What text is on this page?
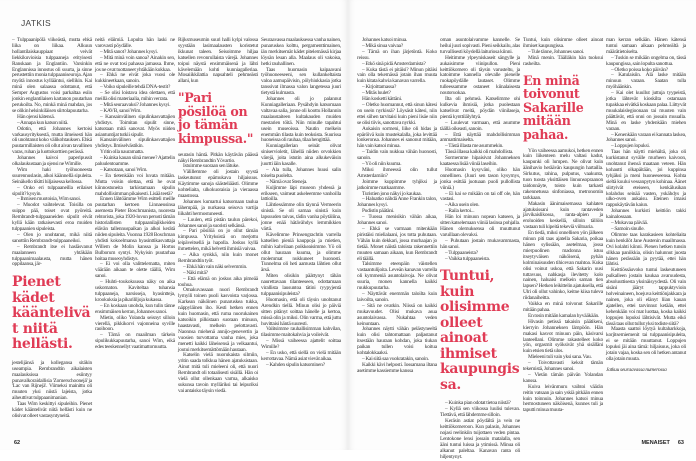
JATKIS

– Tulppaanipölä viikeästä, mutta ehkä liika on liikaa. Alkuun hollantilaiskauppiaat veivät liekkikuvioisia tulppaaneja erityisesti Ranskaan ja Englantiin. Varsinkin Englannissa innostus oli suurta, ja sinne perustettiin monia tulppaaniseuroja. Ajan myötä innostus kyllääntui, siellikin. Kai minä olen salaassa odottanut, että Semper Augustus voisi parkaltaa esiin jonkin englantilaisen kartanon puutarhan perukoilta. No, minkä minä mahdan, jos se olikin helsinkiläisen siirtolapuutarha.

Hän ojensi kätensä.

– Annapa kun katson niitä.

Odotin, että Johannes kertoisi varkausyrityksestä, mutta ilmeisesti hän oli unohtanut koko välikohtauksen. Ehkä puutarmillaisten oli ollut aivan tavallinen varas, ruhan ja luottokorttien perässä.

Johannes kaivoi paperipussit olkalaukustaan ja ojensi ne Wimille.

Wim haki työhuoneesta suurennuslasin, alkoi käännellä sipuleita. Seinäkello tikitti hiljaisessa kellossa.

– Onko eri tulppaaneilla erilaiset sipulit? kysyin.

– Ihmisen muotoisia, Wim sanoi.

– Muodot vaihtelevat. Toisilla on suippo pää, toiset ovat pyöreitä. Rembrandt-tulppaaneiden sipulit eivät kyllä kään ratkaisevasti eroa muiden tulppaanien sipuleista.

– Olen jo unohtanut, mikä niitä sanottiin Rembrandt-tulppaaneiksi.

– Rembrandt itse ei hasläsvanut maalanneen yhtäkään tulppaanimaalausta, mutta hänen oppilaansa, jär-

Pienet kädet kääntelivät niitä hellästi.

jestelijänsä ja kollegansa sitäkin useampia. Rembrandtin aikalaisten maalauksissa esiintyy punavalkoraidallisia 'Zomerschoonejä' ja 'Lac van Rijnejä'. Viimeksi mainittu oli muuten yksi niistä lajeista, jotka aiheuttivat tulppaanimanian.

Taas Wim keskittyi sipuleihin. Pienet kädet kääntelivät niitä hellästi kuin ne olisivat olleet vastasyntyneitä.

neitä eläimiä. Lopulta hän laski ne varovasti pöydälle.

– Mitä sanot? Johannes kysyi.

– Mitä minä voin sanoa? Ainakin sen, että ne ovat tosi pahassa jamassa. Ihme, jos ne ovat tuottaneet yhtäkään kukkaa.

– Ehkä ne eivät joka vuosi ole kukkineetkaan, sanoin.

– Voiko sipuleille tehdä DNA-testit?

– Se olisi loistava idea olettaen, että meillä olisi materiaalia, mihin verrata.

– Mitä seuraavaksi? Johannes kysyi.

– KAVB, sanoi Wim.

– Kansainvälinen sipulinkasvattajien yhdistys. Toimitan sipulit sinne, katsotaan mitä sanovat. Myös niiden asiantuntijat tutkii sipulit.

Kansainvälinen sipulinkasvattajien yhdistys. Ilmiselvästikin.

Yritin olla nauramatta.

– Kuinka kauan siinä menee? Ajattelin paluulentoamme.

– Katsotaan, sanoi Wim.

– En tietenkään voi luvata mitään. Mutta voisin olettaa, että he ovat kiinnostuneita tarkistamaan sipulin mahdollisimman pikaisesti. Lisää teetä?

Ennen lähtöämme Wim esitteli meille puutarhan kertoen Linnaeusinsa asemesta Pieter Boschmanista, nuoresta rehtorista, joka 1920-luvun perusti tämän historiallisten tulppaanilajikkeiden elävän tallennuspaikan ja alkoi kerätä niiden sipuleita. Vuonna 1928 Boschman yhdisti kokoelmansa hyasinttikasvattaja Willem de Molin kanssa ja Hortus Bulborum syntyi. Nykyisin puutarhaa hoitaa museoyhdistys.

– Ei voi olla valittelematta, miten väärään aikaan te olette täällä, Wim sanoi.

– Huhti–toukokuussa näky on aika uskomaton. Kaviteltaa tuhansia tulppaaneja, narsisseja, hyasintteja, krookuksia ja pikarililjoja kukassa.

– En koskaan unohda, kun tulin tänne ensimmäisen kerran, Johannes sanoi.

Mietin, oliko Yolanda seisnyt silloin vierellä, pikkikorvi vajonneina syville raoihoon.

– Tämä on maailman tärkein sipulikukkapuutarha, sanoi Wim, eikä edes teeskennellyt vaatimattomuutta.

Rijksmuseumin suuri halli kylpi valossa syystään lasimaalausten koristetut ikkunat taleen. Seisoimme hiljaa katsellen revonrullaista värejä. Johannes toipui näystä ensimmäisenä ja lähti kävelemään kohti kunniagalleriaa. Mosaiikkilattia napsahteli pehmeästi allani, kun

"Pari pösilöä on jo tämän kimpussa."

seurasin häntä. Pitkän käytävän päässä näkyi Rembrandtin Yövartio.

Istuimme suoraan sen lätuke.

Välillemme oli jostain syystä laskeutunut epämukava hiljaisuus. Käytimme sanoja säästeliäästi. Olimme kohteliaita, ulkokuoraisia ja vieraassa maastossa.

Johannes kumartui katsomaan taulua lähempää, ja nurkassa seisova vartija liikahti hermostuneesti.

– Luulen, että pistän taulun pärekoi, Johannes sanoi ja suoristi selkänsä.

– Pari pösilöä on jo ollut tämän kimpussa. Yrityksistä on merjottu leipäveitsellä ja hapolla. Joskus kyllä ihmettelen, mikä helvetti ihmisiä vaivaa.

– Aika synkkä, niin kuin monet Rembrandtin työt.

– Ehkä hän vain näki selvemmin.

– Näki mitä?

– Että elämä on joskus aika pimeää touhua.

Omakuvassaan nuori Rembrandt lymyili toinen puoli kasvoista varjossa. Karkean näköinen punaruskea tukka, näppyläinen iho. Kesti hetken ennen kuin huomasin, että ruma nuorukainen katsoikin pilkistaan suoraan minuun, haastavasti, melkein pelottavasti. Naonnsa miehenä annijo-genevertin ja vuosien turvottama vanha mies, joka menetti kaikki läheisensä ja velkaantui, joutui merkitsemättömään hautaan.

Katselin vielä nuorukaista silmiin, yritin saada tolkkua hänen ajatuksistaan. Ainut mitä tuli mieleeni oli, että nuori Rembrandt oli totaalisesti sisällä. Hän oi vielä ollut ollenkaan varma, alkaisko sukunsa tavoin mylläriksi tai leipuriksi vai antaisko täysin viedä.

Seuraavassa maalauksessa vanha nainen, punaruskea kolttu, pergamenttimainen, iän merkitsemät kädet pitelemässä kirjaa löysän leuan alla. Maalaus oli vakoisa, hetki rauhallinen.

Taas huomasin kaipaavani työhuoneeseeni, sen kullankeltaista valoa aamupäivisin, pölyhiukkasia jotka tanssivat ilmassa valon langetessa juuri tietystä kulmasta.

Johannes oli jo palannut Kunniagalleriaan. Pysähdyin katsomaan valtavaa salia, jonne oli koottu Hollannin maalaustaiteen kultakauden muiden mestarien töitä. Niin minulle tapahtui usein museoissa. Nautin melkein enemmän tilasta kuin teoksista. Suurissa huoneissa oli rauhaa, tilaa hengittää.

Kunniagallerian seinät olivat siniservioletit, lähellä niiden orvokkien värejä, joita istutin aina alkukeväisin juurtti iäin kasalle.

– Ala tulla, Johannes huusi salin toiselta puolelta.

– Nämä ovat Steneja.

Kuljimme läpi museon yhdessä ja erikseen, vaimeat askeleemme vanhoilla lattioilla.

Lähtiessämme olin täynnä Vermeerin sinistä. Se oli samaa sinistä kuin lapsuuden taivas, tädin vanha pöytäliina, jonne enää hätävähdys lemmikkien värtä.

Kävelimme Prinsengrachtin varrella katsellen pieniä kauppoja ja mietien, mihin kahvilaan poikkeaisimme. Yö oli ollut hauraan kuuma, ja olimme molemmat nukkuneet huonosti. Tunnelma oli heti aamusta lähtien ollut ärsä.

Miten olisikin päättynyt tähän naurettavaan tilanteeseen, odottamaan virallista lausuntoa tätini ryypyjentä tulppaanisipuleista?

Huomasin, että oli täysin unohtanut Arendkin tiellä. Minun olisi jo päiviä sitten pitänyt soittaa hänelle ja kertoa, missä olin ja miksi. Olin varma, että juttu huvittaisi häntä suuresti.

Valitsimme rauhallisimman kahvilan, tilasimme maitokahvia ja voileivät.

– Missä vaiheessa ajattelit soittaa Wimille?

– En usko, että siellä on vielä mitään kerrottavaa. Nämä asiat vievät aikaa.

– Kahden sipulin katsominen?

62

Johannes katsoi minua.

– Mikä sinua vaivaa?

– Tämä on ihan järjetöntä. Koko reissu.

– Etkö sinä pidä Amsterdamista?

– Kuka tästä ei pitäisi? Minun pitäisi vain olla tekemässä jotain ihan muuta kuin kitata kahvia kanavan varrella.

– Kirjoittamassa?

– Mitäs luulet?

Hän kosketti kättäni.

– Oletko huomannut, että sinun kätesi on usein nyrkissä? Löysäsit kätesi, niin ettei siihen tarvitaisi kuin pieni lisäe niin se olisi tiivis, sanottava nyrkki.

Aukaisin sormeni, liike oli hidas ja epäröivä kuin mustekalalla, joka levittää lonkeronsa. Johannes ei sanonut mitään, hän vain katsoi minua.

– Taidin vain nukkua vähän huonosti, sanoin.

– Yö oli niin kuuma.

Miksi ihmeessä olin tullut Amsterdamiin?

Joimme kuppimme tyhjiksi ja jatkoimme matkaamme.

Turistien jono näkyi jo kaukaa.

– Haluatko nähdä Anne Frankin talon, Johannes kysyi.

Pudistin päätäni.

– Tuossa menisikin vähän aikaa, Johannes sanoi.

– Ehkä se varmaan mitenkään piristäisi mielialaani, jos totta puhutaan. Vähän kuin dekkari, jossa murhaajan jo tietää. Monet näistä taloista rakennettiin muuten samaan aikaan, kun Rembrandt eli täällä.

Talsimme eteenpäin väistellen vastaantulijoita. Leveän kanavan varrella oli kymmeniä asuntolaivoja. Ne olivat suuria, monen kannella kaikki ruukkupuutarha.

– Näyttävät enemmän taloilta kuin laivoilta, sanoin.

– Sitä ne ovatkin. Niissä on kaikki mukavuudet. Olisi mukava asua asuntolaivassa. Nukahtaa veden keinuntaan.

Johannes näytti vähän pelästyneeltä kuin olisi tahtomattaan paljastanut itsestään hauraan kohdan, joka tiukan paikan tullen voisi koitua kohtalokkaaksi.

– Kai siitä saa vuokratakin, sanoin.

Kaikki kävi helposti. Iossamana iltana asetimme kassiemme kanssa

oman asuntolaivamme kannelle. Se heilui juuri sopivasti. Pieni seikkailu, alas turvallisesti köydellä laituriosa kiinni.

Heitimme ylpeyniskaseit sängylle ja aukaisimme viinipullon. Pieni keittiökomero oli täysin varusteltu, ja katoimme kannella olevalle pienelle ruokapöydälle lautaset. Olimme tulleessamme ostaneet kiinalaisesta noutoruokaa.

Ilta oli pehmeä. Katselimme ohi kulkevia ihmisiä, jotka puolestaan katselivat meitä, pöydän viinilaseja, pientä kynttilälyhtyä.

– Luulevat varmaan, että asumme täällä oikeasti, sanoin.

– Että näyttää mahdollisimman ammattimaiselta.

– Tästä illasta me asummekin.

Tässä illassa kaikki oli mahdollista.

Sormemme hipaisivat Johanneksen kaataessa lisää viiniä laseihin.

Huomasin kysyväni, oliko hän onnellinen. (Juuri sen tason kysymys, jonka esittää juotuaan puoli pullollista viiniä.)

– Ei kai se mikään on tai off ole, hän vastasi.

– Aika usein olen.

– Raila kertoi...

Hän loi minuun nopean katseen, ja sitten katselemaan viiniä lasinsa pohjalla. Hänen olemuksensa oli muuttunut varuillaan olevaksi.

– Puhutaan jostain mukavammasta, hän sanoi.

– Tulppaaneista?

– Vaikka tulppaaneista.

Tuntui, kuin olisimme olleet ainoat ihmiset kaupungissa.

– Kuinka pian odotat tietoa niistä?

– Kyllä sen viikossa luulisi tulevan. Tiettävä, että lähdemme silloin.

Keräsin astiat pöydältä ja vein ne keittiökomeroon. Kun palasin, Johannes nojasi reelinkiin tuijottaen veden pintaa. Lentokone lensi jossain matalalla, sen ääni tuntui luissa ja ytimissä. Minua oli alkanut paleltaa. Kanavan ranta oli hiljentynyt.

Tuntui, kuin olisimme olleet ainoat ihmiset kaupungissa.

– Tule tänne, Johannes sanoi.

Minä menin. Täälläkin hän tuoksui rasheilta.

En minä toivonut Sakarille mitään pahaa.

Yön vaiheessa aamukoi, hetken ennen kuin liikenteen melu valtasi kadut, kaupunki oli lumpen. Ne olivat kuin äänihavio heräävän kaupungin hartailla. Sirkutus, rahina, pulputus, vaakunta, tuon tuosta yksittäisen linnunsopraanon taidonnäyte, toisto kuin tarkasti rakennetussa sinfoniassa, metronomin tarkkaan.

Makasin äänimaisemassa kahlaten ajatuksissani kuin rantaveden järvikaislikossa, ranta-alpien ja eroluoiden keskellä, silloin tällöin vastaan tuli kipeitä tekeviä viiltoaria.

En tiedä, miksi onnellisen yön jälkeen minun piti taas ajatella Sakaria, poikaa hänen sylissään, asetelmaa, jossa mierpuolinen madonna istuu itseytyväisen näköisenä, pyhän kolminaisuuden tihicevan mahtoa. Kuka olisi voinut uskoa, että Sakarin uusi tuttavuus, nahkasja ilevitetty kolo nainen, haluaisi melkein saman tien lapsen? Hetken leikittelin ajatuksella, että Ulri oli ollut vahinko, keitne kiisa tuleva riidanaiheitta.

Vaikka en minä toivonut Sakarille mitään pahaa.

En tosin mitään kamalan hyvääkään.

Hivasin petissä takaisin päätikeni, kierryin Johanneksen lämpöön. Hän makasi kasvot minuun päin, käsivarsi lanteellani. Olimme rakastelleet koko yön, orgasmit syöksivät yhä sisälläni kuin etsien tietä ulos.

Mieleeni tuli vain yksi sana. Vau.

– Toivottavasti keksit tämän tekemistä, Johannes sanoi.

– Vietän tämän päivän Yolandan kanssa.

Kuiva leivänmuru vaihtoi väärän reitin vatsaan ja sain yskiä pitkään ennen kuin toinnuin. Johannes katsoi minua hermostuneen näköisenä, kunnes tuli ja taputti minua muuta-

man kerran selkään. Hänen kätensä tuntui samaan aikaan pehmeältä ja määrätietoiselta.

– Tuskin se mikään ongelma on, tässä kaupungissa, sain lopulta sanottua.

– Oletko poissa koko päivän?

– Katulaisiin. Älä laske mitään minuun varaan. Saatan tulla myöhäänkin.

– Kai olet kuullut juttuja tyypeistä, jotka lähtevät kioskilta ostamaan tupakkaa eivätkä koskaan palaa. Liittyvät muukalaislegioonaan tai muuten vain päättävät, että onni on jossain muualla. Minä en laske yhdenkään miehen varaan.

– Kenenkään varaan ei kannata laskea, Johannes sanoi.

– Loppujen lopuksi.

Taas hän näytti miehältä, joka oli kurkistanut syvälle murheen kaivoon, unohtanut ihensä maataan veteen. Hän kohautti olkapäitään, joi kuppinsa tyhjäksi ja meni huoneeseensa. Kohta sieltä kuului vessanpytyn kohinaa. Äänet siirtyivät eteiseen, kenkälusikan kolahdus seinää vasten, yskähdys ja ulko-oven aukaisu. Eteinen imaisi rappukäytävän kaiun.

Johannes kurkisti keittiön takki kainalossaan.

– Mukavaa päivää.

– Samoin sinulle.

Olimme taas karakasieen kohteliaita kuin henkilöt Jane Austenin maailmassa. Ovi kolahti kiinni. Pienen hetken tunsin silkkaa paniikkia, olisin halunnut juosta hänen perässään ja pyytää, ettei hän lähtisi.

Keittiössäuvoko tuntui laskeutuneen pulkalleen jostain kaukaa avaruudesta, absoluuttisesta yksinäisyydestä. Oli vain sisäni jääryt tappuktyvioin holveinaineen, hoejuva keittiönjakkara ja nainen, joka oli elänyt liian kauan ajatellen, ettei tarvinnut ketään, ettei kehenkään voi mat luottaa, koska kaikki loppujen lopuksi lähtisivät. Mutta eikö tässä taas ollut tullut yksi todiste siitä?

Maasta saattoi löytyä kultaharkkoja, korjitsemiemenit tai tulppaanisipuleita, ei se mitään muuttanut. Loppujen lopuksi jäi aina tämä: hiljaisuus, joka oli jotain vajaa, koska sen oli hetken antanut olla jotain muuta.

Jatkuu seuraavassa numerossa

MENAISET 63
